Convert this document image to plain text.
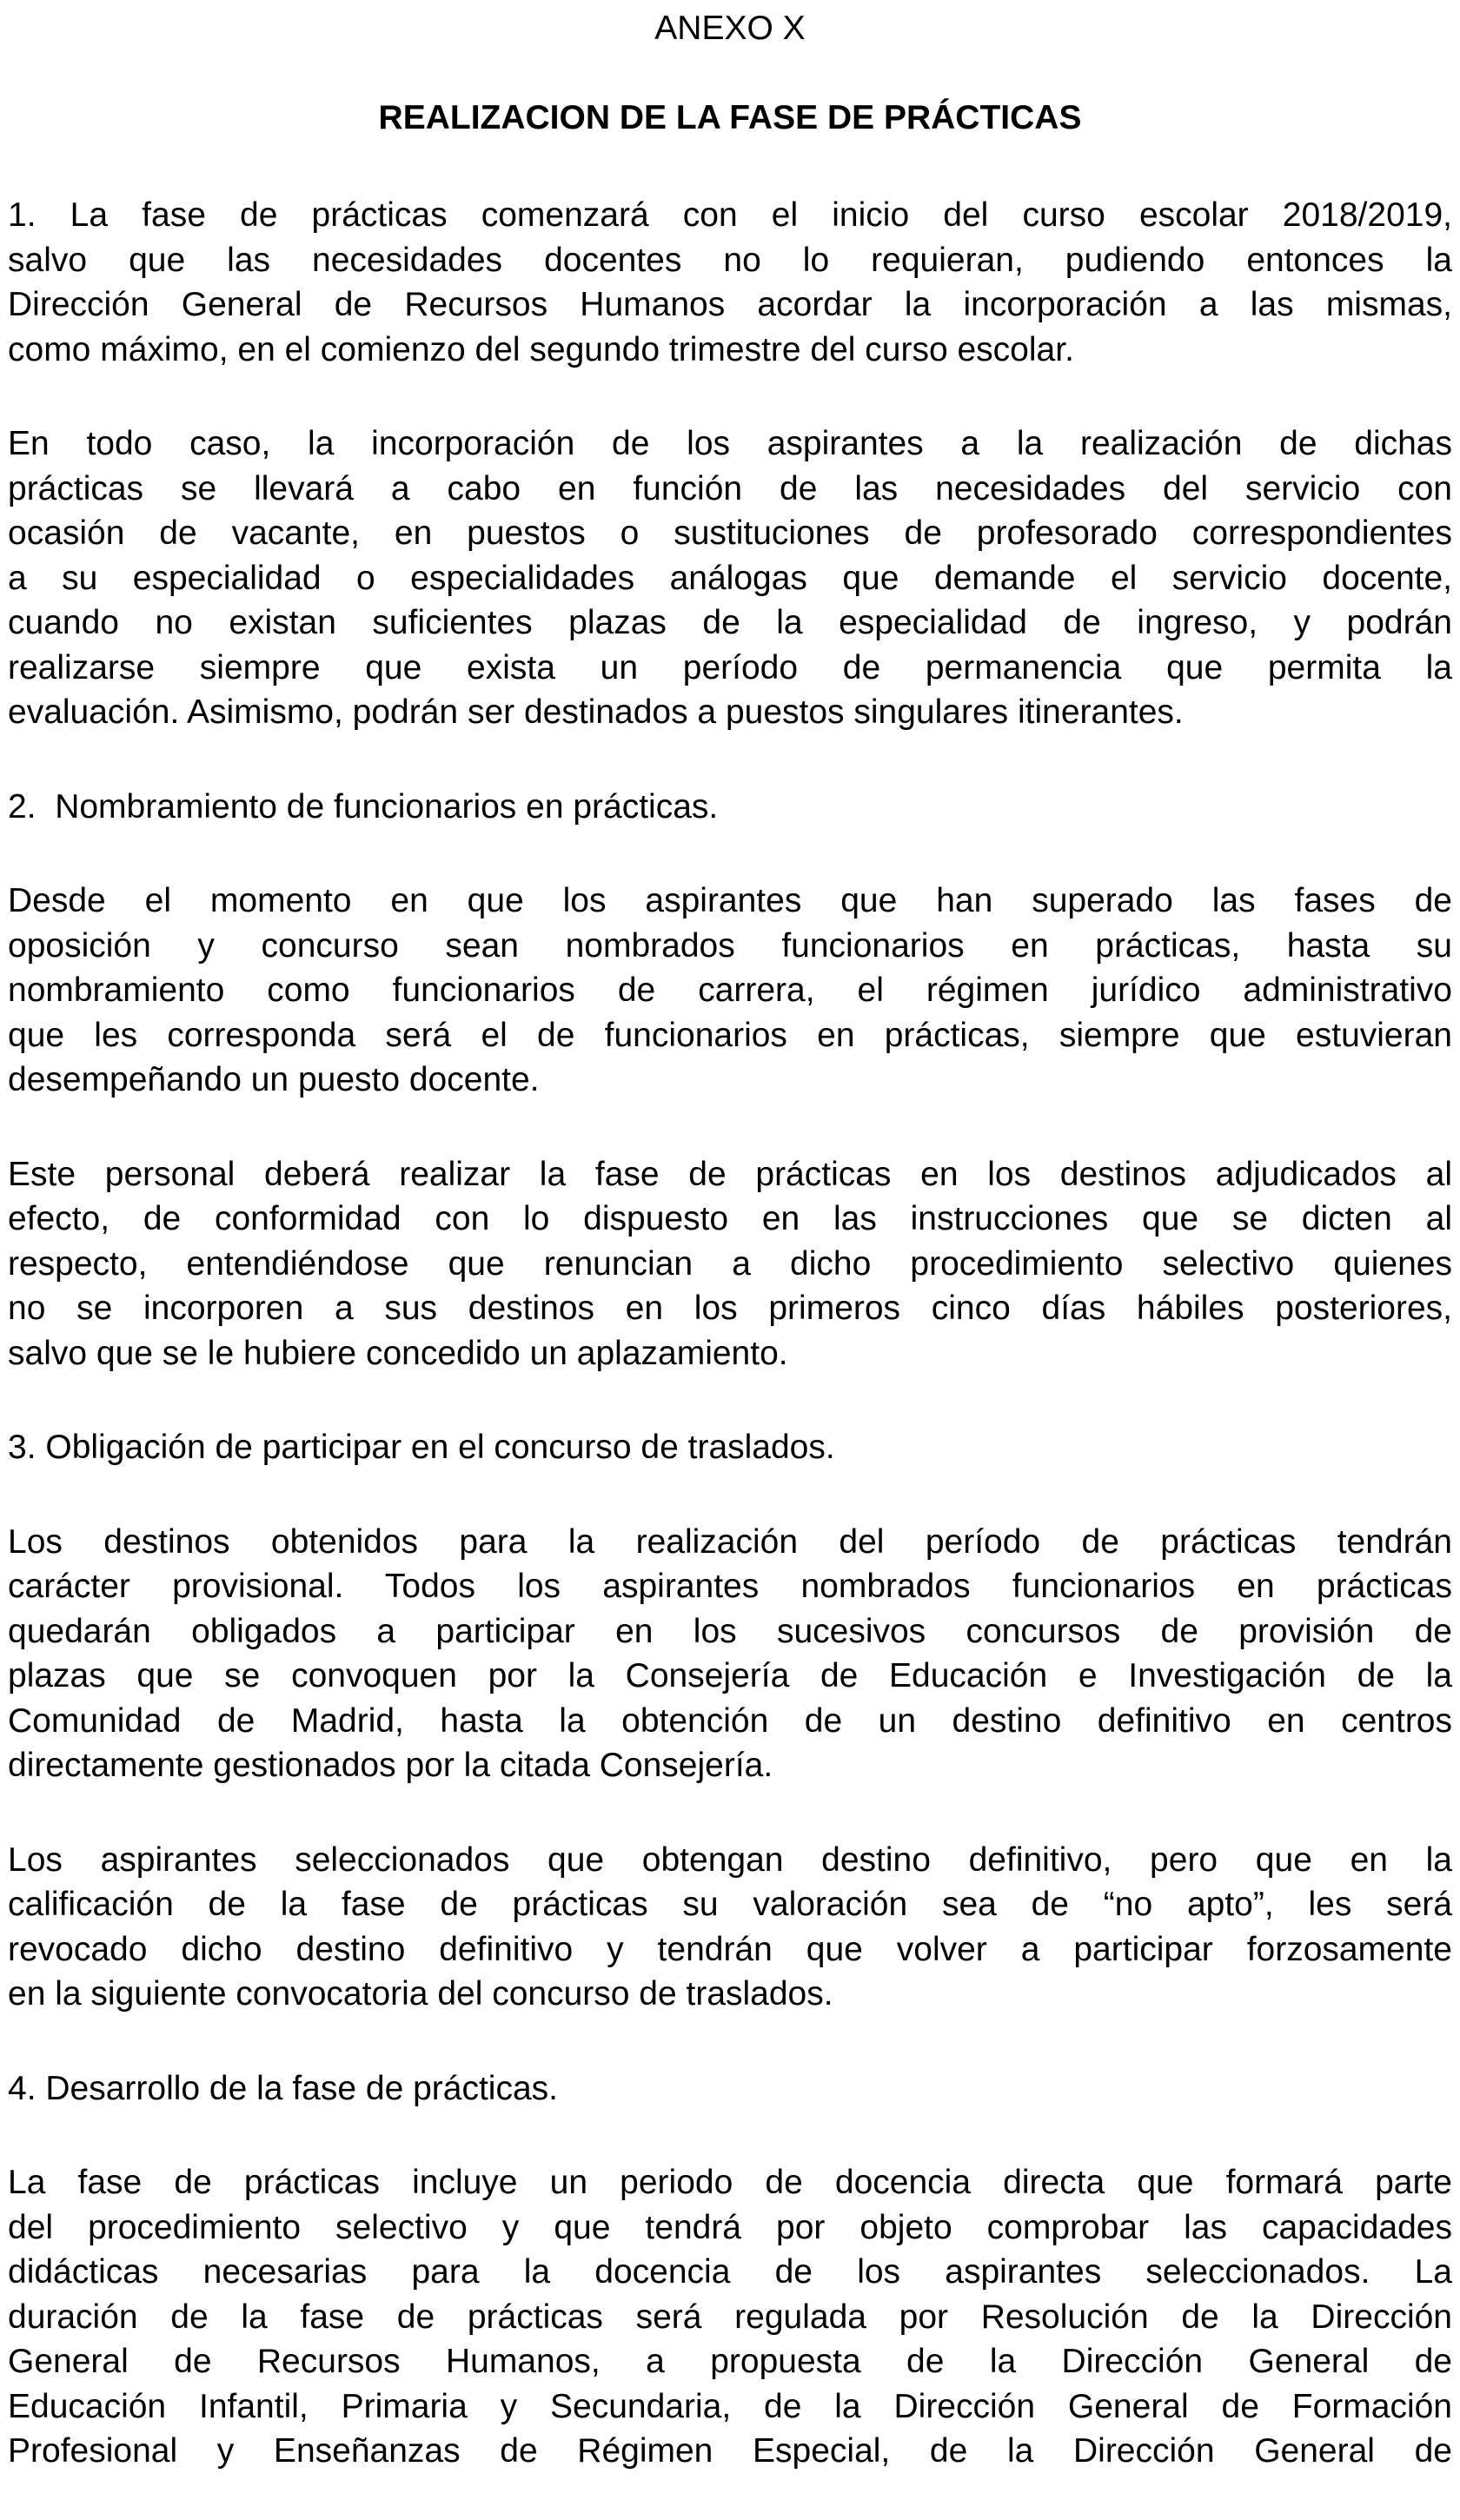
ANEXO X
REALIZACION DE LA FASE DE PRÁCTICAS
1. La fase de prácticas comenzará con el inicio del curso escolar 2018/2019,
salvo que las necesidades docentes no lo requieran, pudiendo entonces la
Dirección General de Recursos Humanos acordar la incorporación a las mismas,
como máximo, en el comienzo del segundo trimestre del curso escolar.
En todo caso, la incorporación de los aspirantes a la realización de dichas
prácticas se llevará a cabo en función de las necesidades del servicio con
ocasión de vacante, en puestos o sustituciones de profesorado correspondientes
a su especialidad o especialidades análogas que demande el servicio docente,
cuando no existan suficientes plazas de la especialidad de ingreso, y podrán
realizarse siempre que exista un período de permanencia que permita la
evaluación. Asimismo, podrán ser destinados a puestos singulares itinerantes.
2.  Nombramiento de funcionarios en prácticas.
Desde el momento en que los aspirantes que han superado las fases de
oposición y concurso sean nombrados funcionarios en prácticas, hasta su
nombramiento como funcionarios de carrera, el régimen jurídico administrativo
que les corresponda será el de funcionarios en prácticas, siempre que estuvieran
desempeñando un puesto docente.
Este personal deberá realizar la fase de prácticas en los destinos adjudicados al
efecto, de conformidad con lo dispuesto en las instrucciones que se dicten al
respecto, entendiéndose que renuncian a dicho procedimiento selectivo quienes
no se incorporen a sus destinos en los primeros cinco días hábiles posteriores,
salvo que se le hubiere concedido un aplazamiento.
3. Obligación de participar en el concurso de traslados.
Los destinos obtenidos para la realización del período de prácticas tendrán
carácter provisional. Todos los aspirantes nombrados funcionarios en prácticas
quedarán obligados a participar en los sucesivos concursos de provisión de
plazas que se convoquen por la Consejería de Educación e Investigación de la
Comunidad de Madrid, hasta la obtención de un destino definitivo en centros
directamente gestionados por la citada Consejería.
Los aspirantes seleccionados que obtengan destino definitivo, pero que en la
calificación de la fase de prácticas su valoración sea de “no apto”, les será
revocado dicho destino definitivo y tendrán que volver a participar forzosamente
en la siguiente convocatoria del concurso de traslados.
4. Desarrollo de la fase de prácticas.
La fase de prácticas incluye un periodo de docencia directa que formará parte
del procedimiento selectivo y que tendrá por objeto comprobar las capacidades
didácticas necesarias para la docencia de los aspirantes seleccionados. La
duración de la fase de prácticas será regulada por Resolución de la Dirección
General de Recursos Humanos, a propuesta de la Dirección General de
Educación Infantil, Primaria y Secundaria, de la Dirección General de Formación
Profesional y Enseñanzas de Régimen Especial, de la Dirección General de
